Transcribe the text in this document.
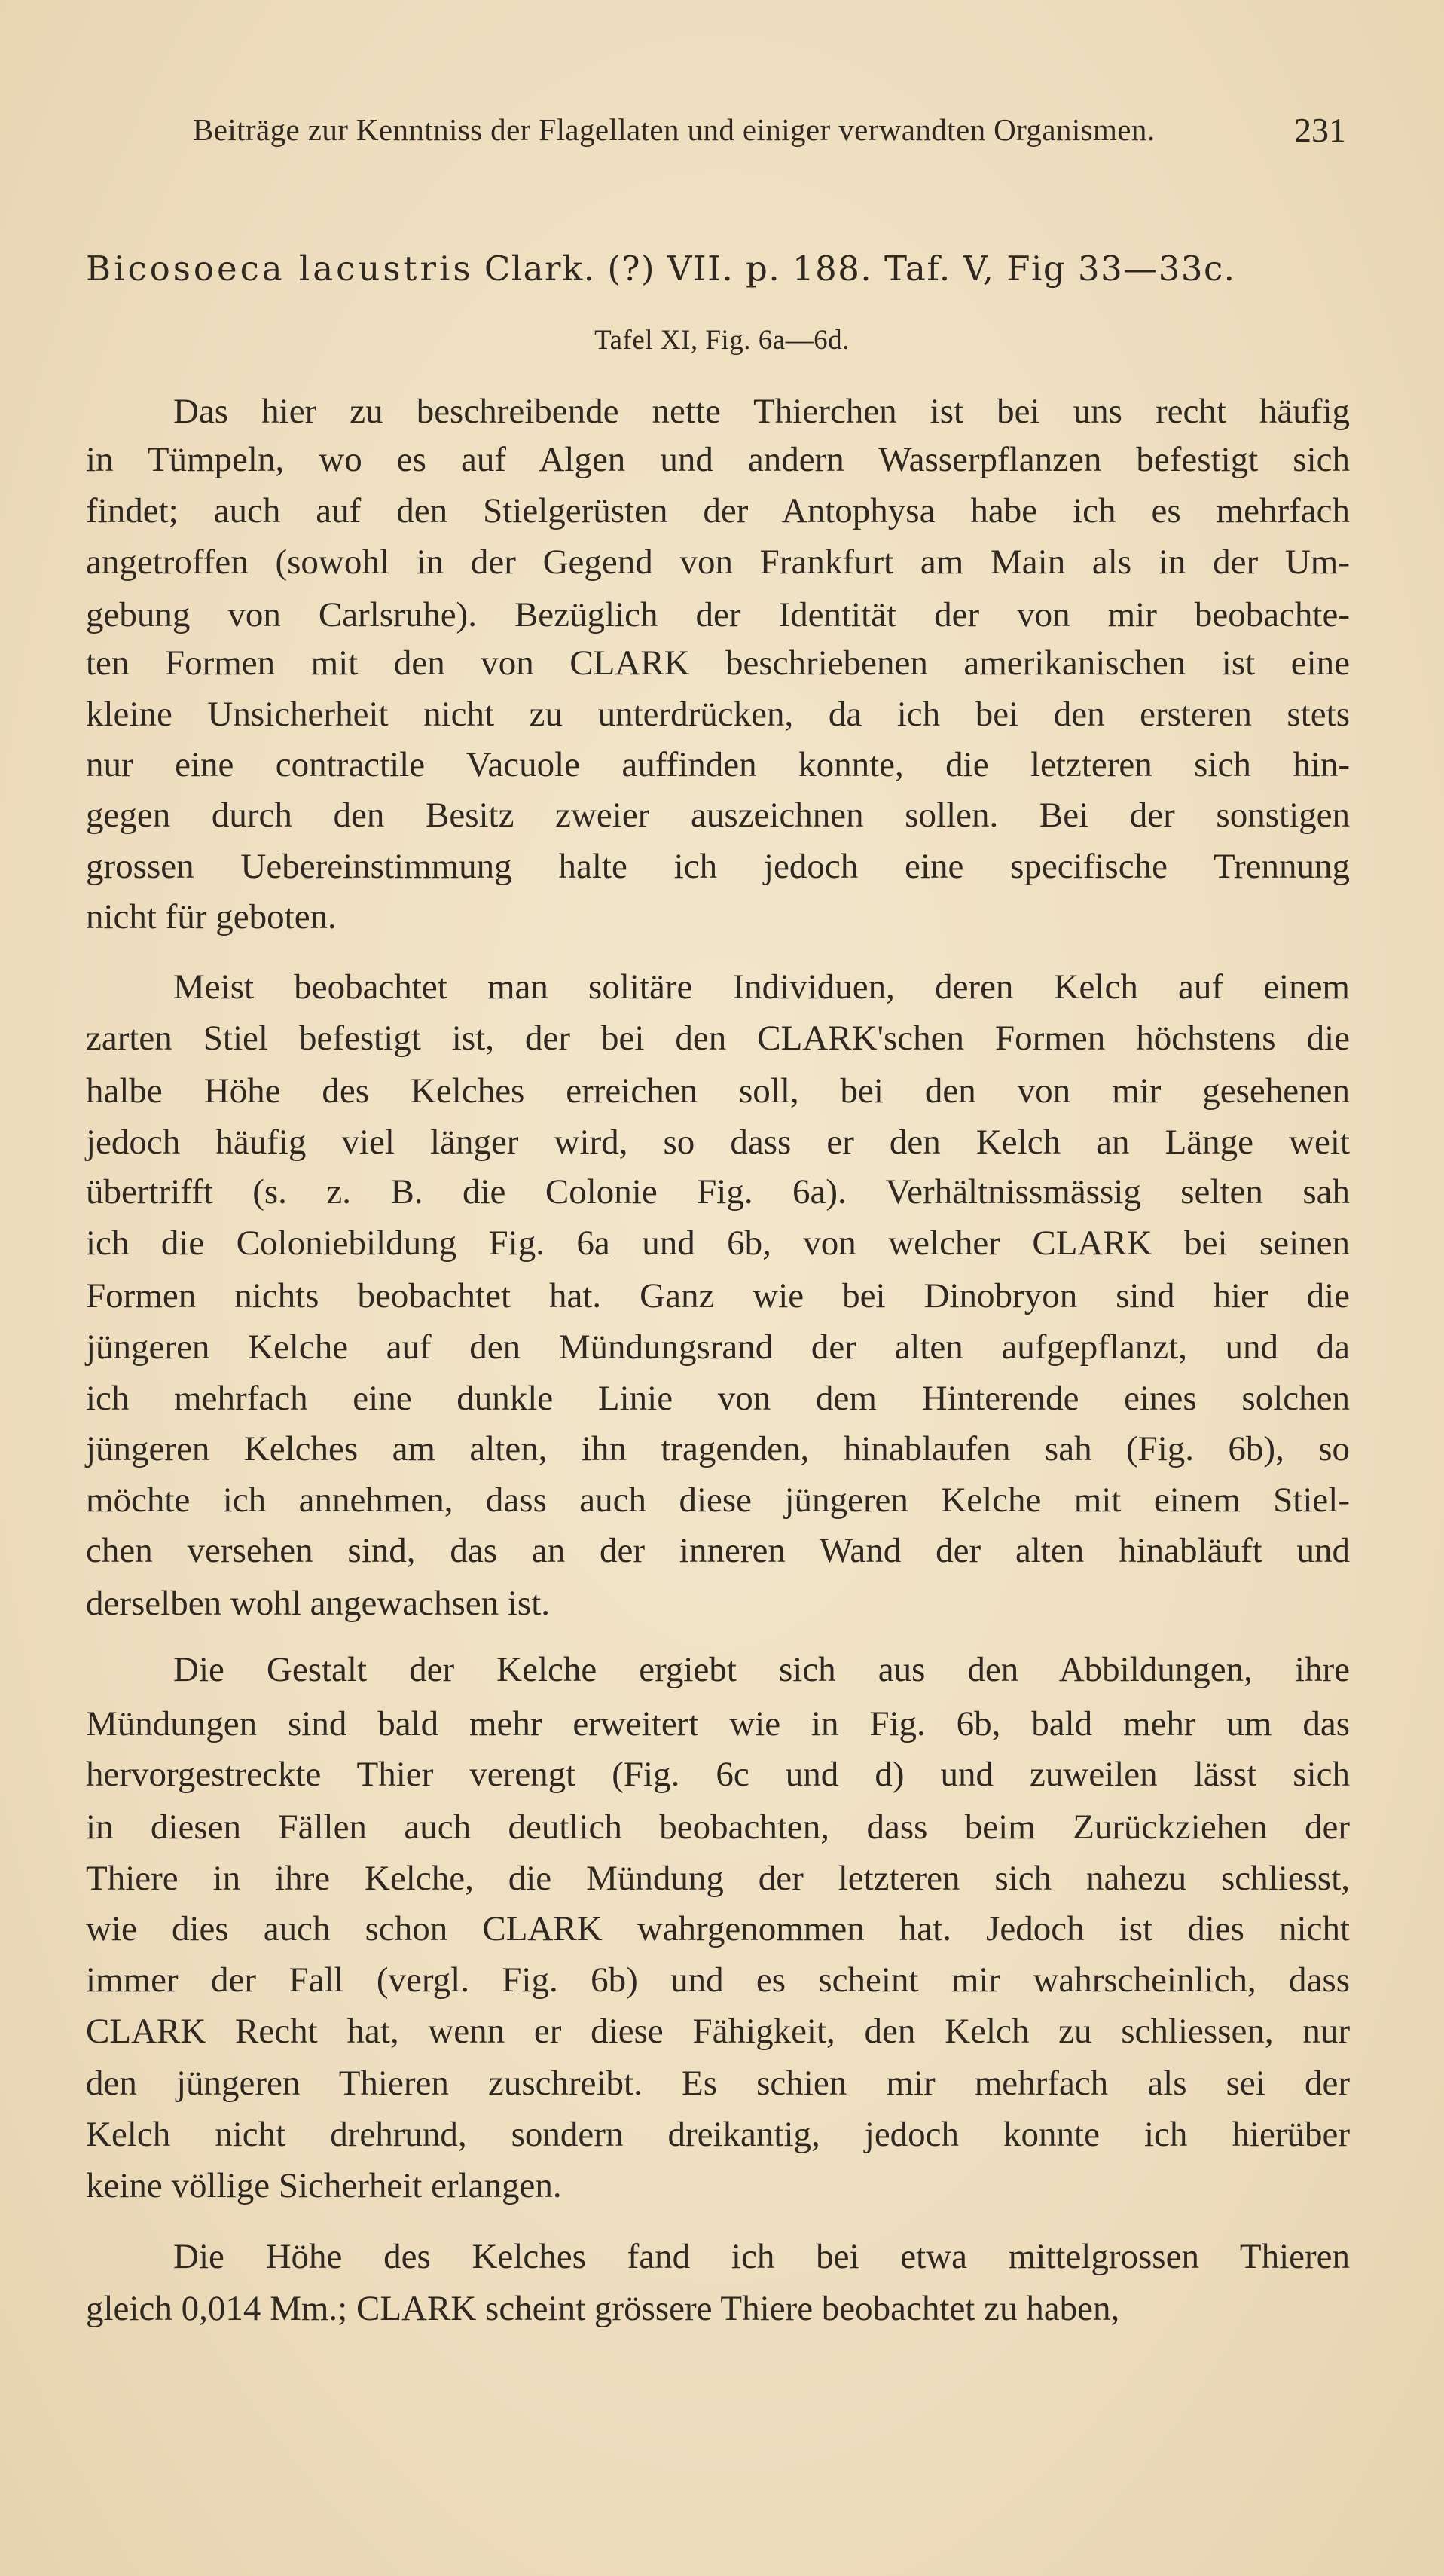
Beiträge zur Kenntniss der Flagellaten und einiger verwandten Organismen.	231
Bicosoeca lacustris Clark. (?) VII. p. 188. Taf. V, Fig 33—33c.
Tafel XI, Fig. 6a—6d.
Das hier zu beschreibende nette Thierchen ist bei uns recht häufig
in Tümpeln, wo es auf Algen und andern Wasserpflanzen befestigt sich
findet; auch auf den Stielgerüsten der Antophysa habe ich es mehrfach
angetroffen (sowohl in der Gegend von Frankfurt am Main als in der Um-
gebung von Carlsruhe). Bezüglich der Identität der von mir beobachte-
ten Formen mit den von CLARK beschriebenen amerikanischen ist eine
kleine Unsicherheit nicht zu unterdrücken, da ich bei den ersteren stets
nur eine contractile Vacuole auffinden konnte, die letzteren sich hin-
gegen durch den Besitz zweier auszeichnen sollen. Bei der sonstigen
grossen Uebereinstimmung halte ich jedoch eine specifische Trennung
nicht für geboten.
Meist beobachtet man solitäre Individuen, deren Kelch auf einem
zarten Stiel befestigt ist, der bei den CLARK'schen Formen höchstens die
halbe Höhe des Kelches erreichen soll, bei den von mir gesehenen
jedoch häufig viel länger wird, so dass er den Kelch an Länge weit
übertrifft (s. z. B. die Colonie Fig. 6a). Verhältnissmässig selten sah
ich die Coloniebildung Fig. 6a und 6b, von welcher CLARK bei seinen
Formen nichts beobachtet hat. Ganz wie bei Dinobryon sind hier die
jüngeren Kelche auf den Mündungsrand der alten aufgepflanzt, und da
ich mehrfach eine dunkle Linie von dem Hinterende eines solchen
jüngeren Kelches am alten, ihn tragenden, hinablaufen sah (Fig. 6b), so
möchte ich annehmen, dass auch diese jüngeren Kelche mit einem Stiel-
chen versehen sind, das an der inneren Wand der alten hinabläuft und
derselben wohl angewachsen ist.
Die Gestalt der Kelche ergiebt sich aus den Abbildungen, ihre
Mündungen sind bald mehr erweitert wie in Fig. 6b, bald mehr um das
hervorgestreckte Thier verengt (Fig. 6c und d) und zuweilen lässt sich
in diesen Fällen auch deutlich beobachten, dass beim Zurückziehen der
Thiere in ihre Kelche, die Mündung der letzteren sich nahezu schliesst,
wie dies auch schon CLARK wahrgenommen hat. Jedoch ist dies nicht
immer der Fall (vergl. Fig. 6b) und es scheint mir wahrscheinlich, dass
CLARK Recht hat, wenn er diese Fähigkeit, den Kelch zu schliessen, nur
den jüngeren Thieren zuschreibt. Es schien mir mehrfach als sei der
Kelch nicht drehrund, sondern dreikantig, jedoch konnte ich hierüber
keine völlige Sicherheit erlangen.
Die Höhe des Kelches fand ich bei etwa mittelgrossen Thieren
gleich 0,014 Mm.; CLARK scheint grössere Thiere beobachtet zu haben,
